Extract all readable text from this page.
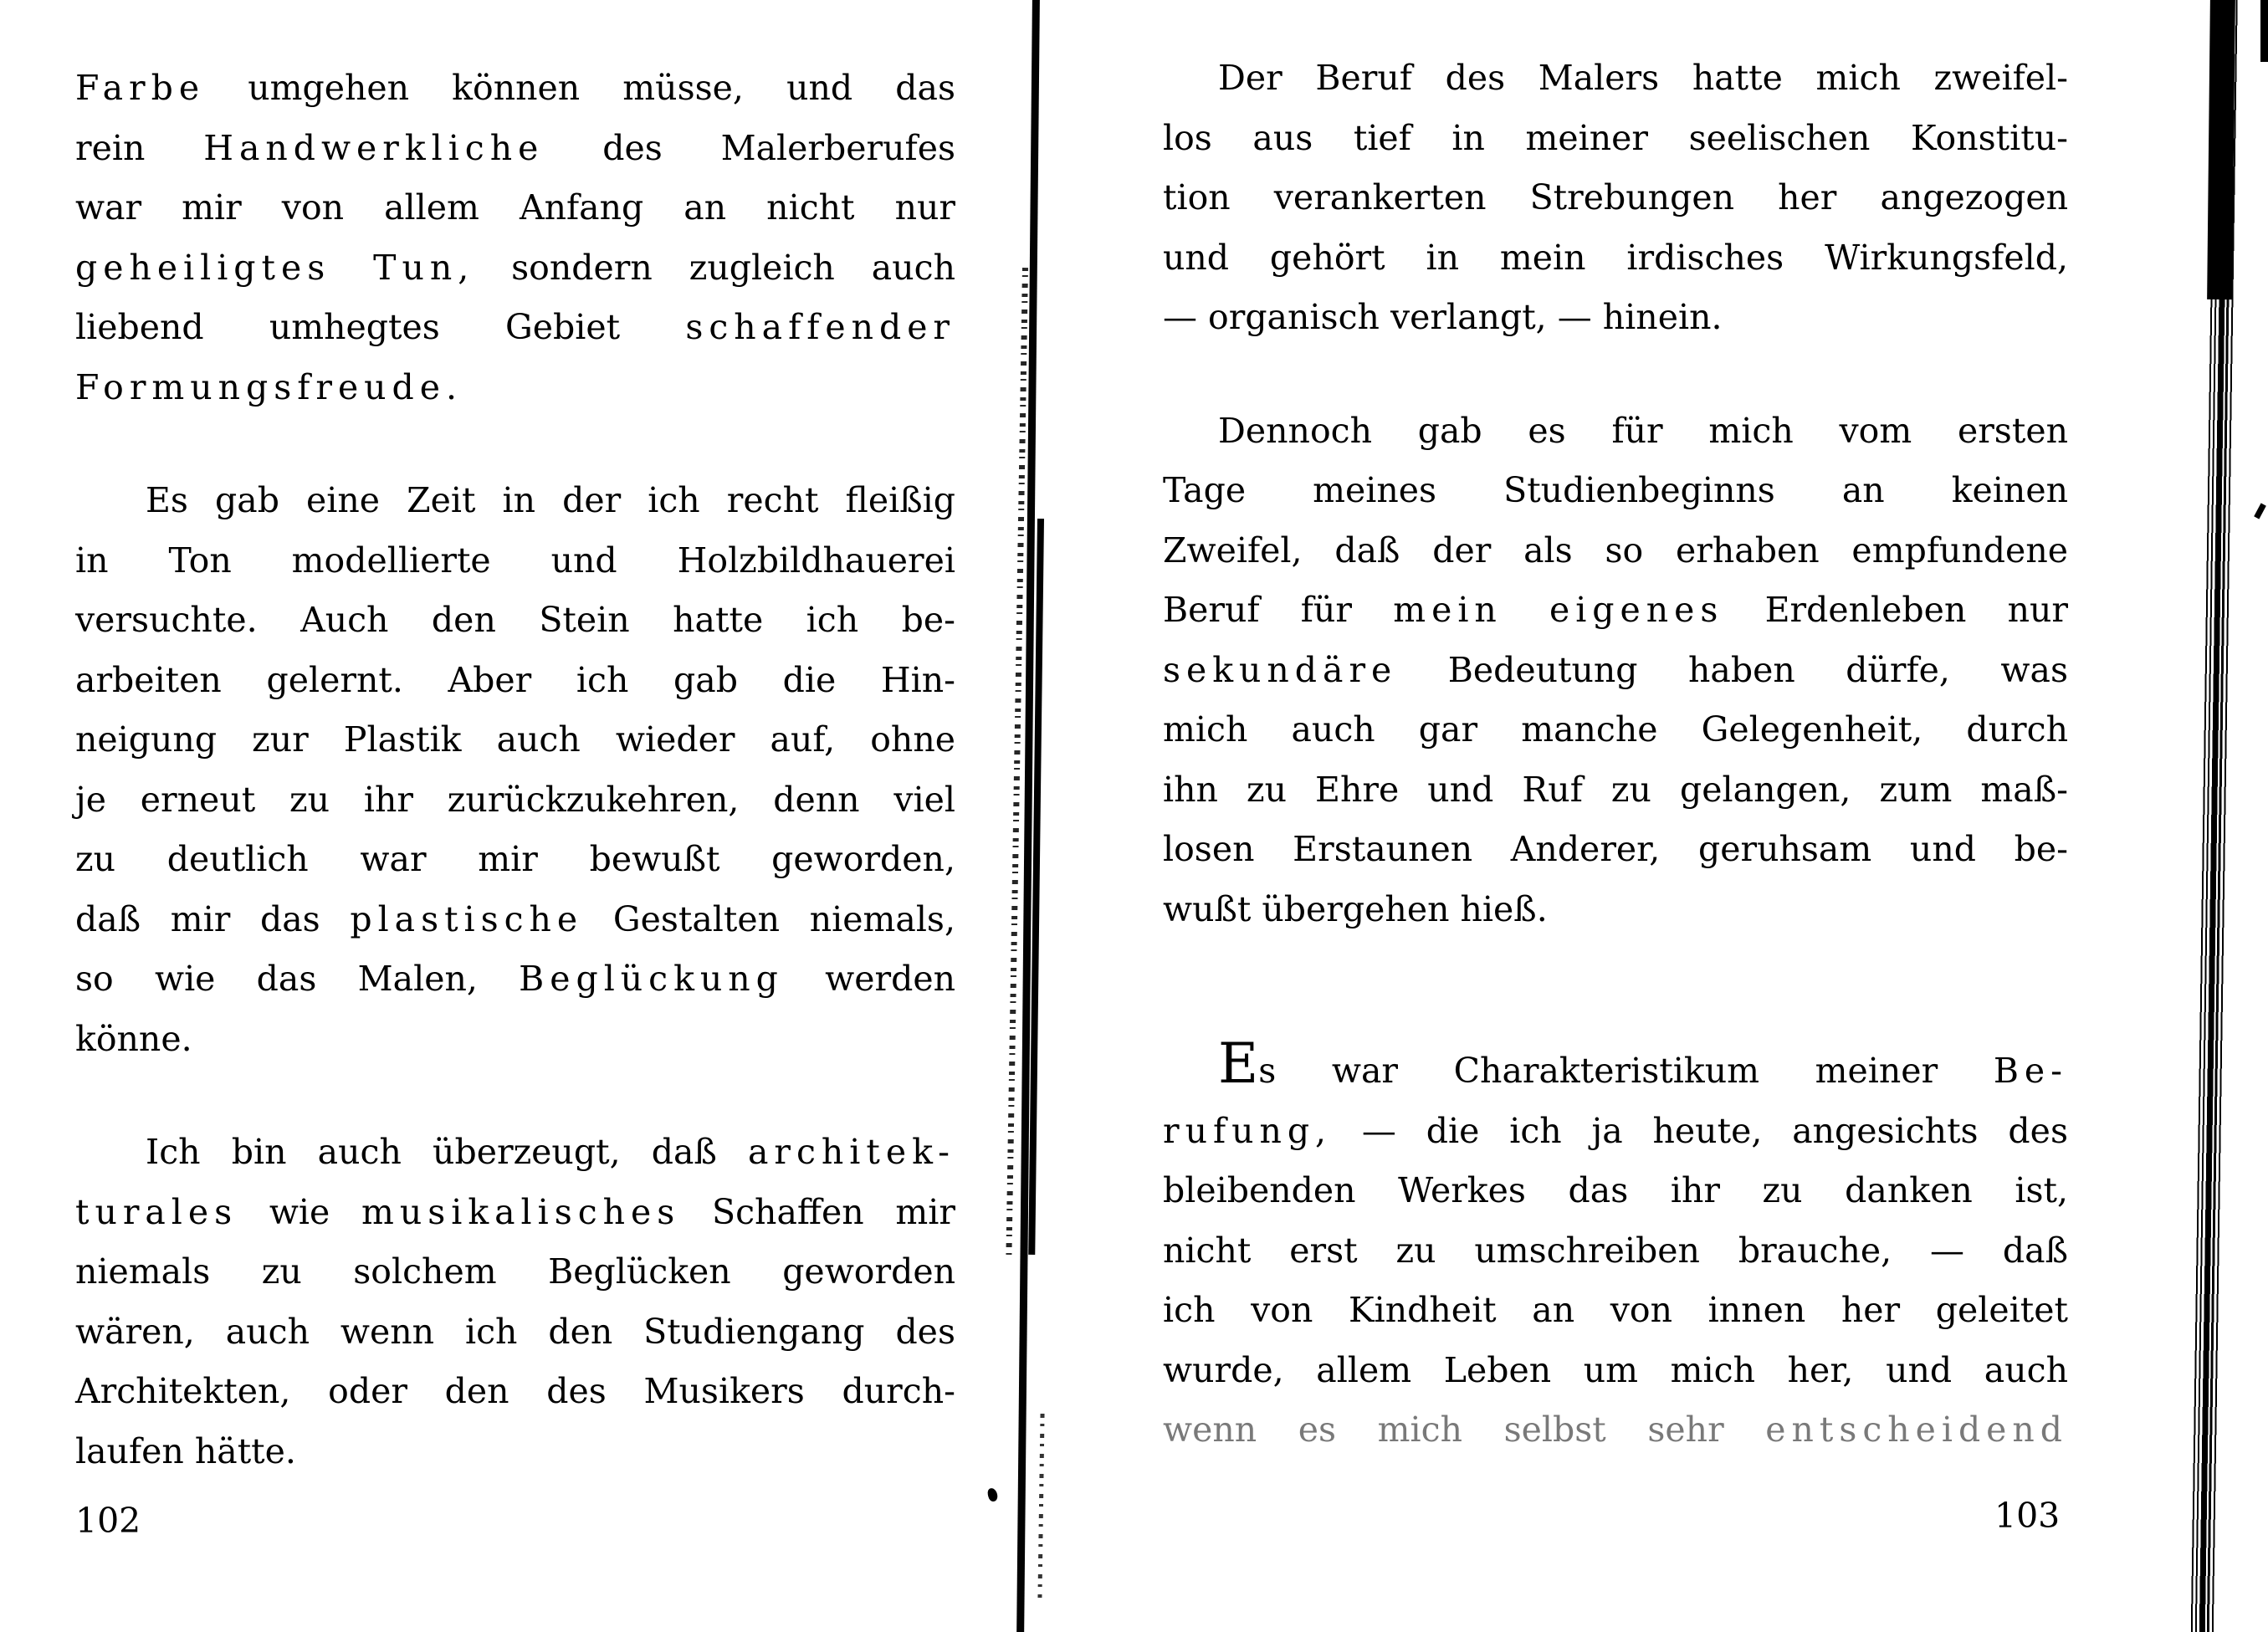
Farbe umgehen können müsse, und das
rein Handwerkliche des Malerberufes
war mir von allem Anfang an nicht nur
geheiligtes Tun, sondern zugleich auch
liebend umhegtes Gebiet schaffender
Formungsfreude.
Es gab eine Zeit in der ich recht fleißig
in Ton modellierte und Holzbildhauerei
versuchte. Auch den Stein hatte ich be-
arbeiten gelernt. Aber ich gab die Hin-
neigung zur Plastik auch wieder auf, ohne
je erneut zu ihr zurückzukehren, denn viel
zu deutlich war mir bewußt geworden,
daß mir das plastische Gestalten niemals,
so wie das Malen, Beglückung werden
könne.
Ich bin auch überzeugt, daß architek-
turales wie musikalisches Schaffen mir
niemals zu solchem Beglücken geworden
wären, auch wenn ich den Studiengang des
Architekten, oder den des Musikers durch-
laufen hätte.
Der Beruf des Malers hatte mich zweifel-
los aus tief in meiner seelischen Konstitu-
tion verankerten Strebungen her angezogen
und gehört in mein irdisches Wirkungsfeld,
— organisch verlangt, — hinein.
Dennoch gab es für mich vom ersten
Tage meines Studienbeginns an keinen
Zweifel, daß der als so erhaben empfundene
Beruf für mein eigenes Erdenleben nur
sekundäre Bedeutung haben dürfe, was
mich auch gar manche Gelegenheit, durch
ihn zu Ehre und Ruf zu gelangen, zum maß-
losen Erstaunen Anderer, geruhsam und be-
wußt übergehen hieß.
Es war Charakteristikum meiner Be-
rufung, — die ich ja heute, angesichts des
bleibenden Werkes das ihr zu danken ist,
nicht erst zu umschreiben brauche, — daß
ich von Kindheit an von innen her geleitet
wurde, allem Leben um mich her, und auch
wenn es mich selbst sehr entscheidend
102	103
